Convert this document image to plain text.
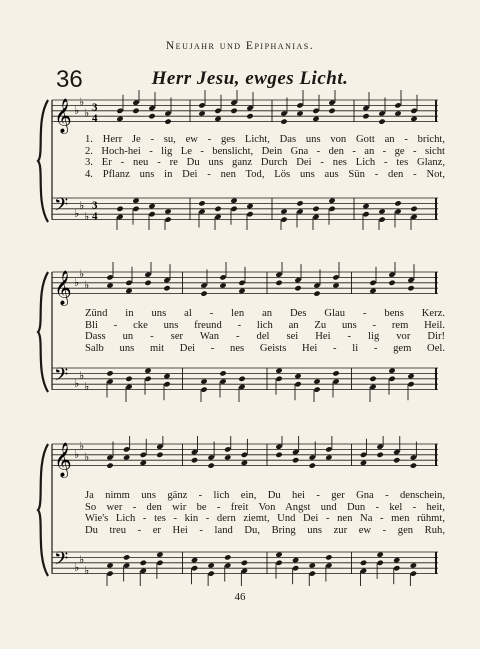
Neujahr und Epiphanias.
36	Herr Jesu, ewges Licht.
𝄞 ♭
♭
♭ 3
4
𝄢 ♭
♭
♭
3
4
1. Herr Je - su, ew - ges Licht, Das uns von Gott an - bricht,
2. Hoch-hei - lig Le - benslicht, Dein Gna - den - an - ge - sicht
3. Er - neu - re Du uns ganz Durch Dei - nes Lich - tes Glanz,
4. Pflanz uns in Dei - nen Tod, Lös uns aus Sün - den - Not,
𝄞 ♭
♭
♭
𝄢 ♭
♭
♭
Zünd in uns al - len an Des Glau - bens Kerz.
Bli - cke uns freund - lich an Zu uns - rem Heil.
Dass un - ser Wan - del sei Hei - lig vor Dir!
Salb uns mit Dei - nes Geists Hei - li - gem Oel.
𝄞 ♭
♭
♭
𝄢 ♭
♭
♭
Ja nimm uns gänz - lich ein, Du hei - ger Gna - denschein,
So wer - den wir be - freit Von Angst und Dun - kel - heit,
Wie's Lich - tes - kin - dern ziemt, Und Dei - nen Na - men rühmt,
Du treu - er Hei - land Du, Bring uns zur ew - gen Ruh,
46
